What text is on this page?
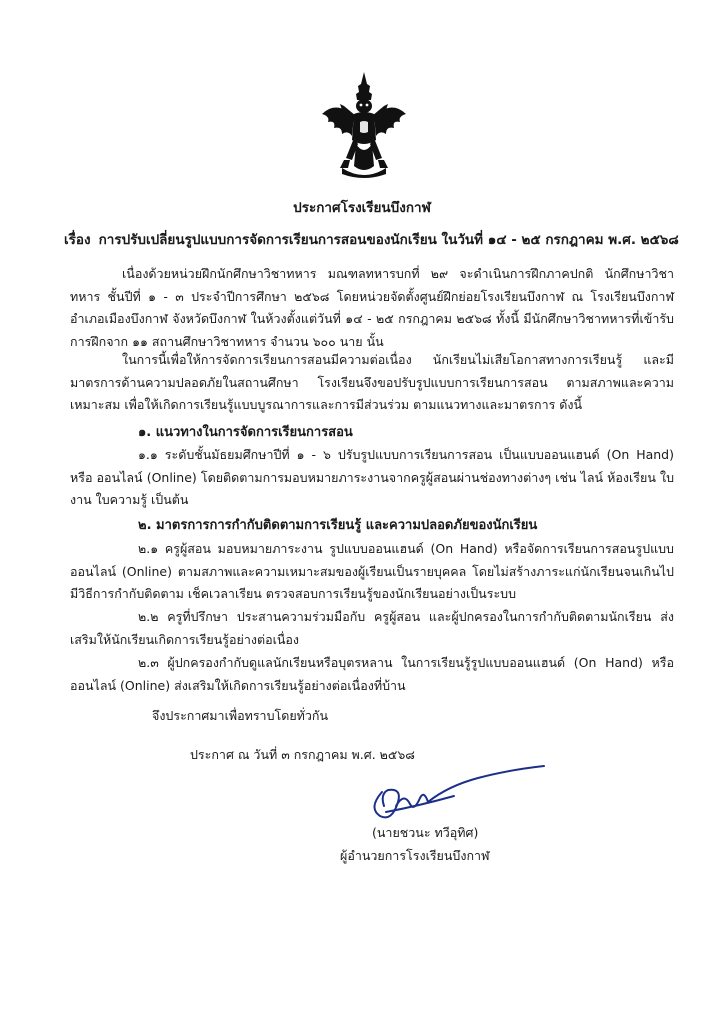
ประกาศโรงเรียนบึงกาฬ
เรื่อง การปรับเปลี่ยนรูปแบบการจัดการเรียนการสอนของนักเรียน ในวันที่ ๑๔ - ๒๕ กรกฎาคม พ.ศ. ๒๕๖๘
เนื่องด้วยหน่วยฝึกนักศึกษาวิชาทหาร มณฑลทหารบกที่ ๒๙ จะดำเนินการฝึกภาคปกติ นักศึกษาวิชาทหาร ชั้นปีที่ ๑ - ๓ ประจำปีการศึกษา ๒๕๖๘ โดยหน่วยจัดตั้งศูนย์ฝึกย่อยโรงเรียนบึงกาฬ ณ โรงเรียนบึงกาฬ อำเภอเมืองบึงกาฬ จังหวัดบึงกาฬ ในห้วงตั้งแต่วันที่ ๑๔ - ๒๕ กรกฎาคม ๒๕๖๘ ทั้งนี้ มีนักศึกษาวิชาทหารที่เข้ารับการฝึกจาก ๑๑ สถานศึกษาวิชาทหาร จำนวน ๖๐๐ นาย นั้น
ในการนี้เพื่อให้การจัดการเรียนการสอนมีความต่อเนื่อง นักเรียนไม่เสียโอกาสทางการเรียนรู้ และมีมาตรการด้านความปลอดภัยในสถานศึกษา โรงเรียนจึงขอปรับรูปแบบการเรียนการสอน ตามสภาพและความเหมาะสม เพื่อให้เกิดการเรียนรู้แบบบูรณาการและการมีส่วนร่วม ตามแนวทางและมาตรการ ดังนี้
๑. แนวทางในการจัดการเรียนการสอน
๑.๑ ระดับชั้นมัธยมศึกษาปีที่ ๑ - ๖ ปรับรูปแบบการเรียนการสอน เป็นแบบออนแฮนด์ (On Hand) หรือ ออนไลน์ (Online) โดยติดตามการมอบหมายภาระงานจากครูผู้สอนผ่านช่องทางต่างๆ เช่น ไลน์ ห้องเรียน ใบงาน ใบความรู้ เป็นต้น
๒. มาตรการการกำกับติดตามการเรียนรู้ และความปลอดภัยของนักเรียน
๒.๑ ครูผู้สอน มอบหมายภาระงาน รูปแบบออนแฮนด์ (On Hand) หรือจัดการเรียนการสอนรูปแบบ ออนไลน์ (Online) ตามสภาพและความเหมาะสมของผู้เรียนเป็นรายบุคคล โดยไม่สร้างภาระแก่นักเรียนจนเกินไป มีวิธีการกำกับติดตาม เช็คเวลาเรียน ตรวจสอบการเรียนรู้ของนักเรียนอย่างเป็นระบบ
๒.๒ ครูที่ปรึกษา ประสานความร่วมมือกับ ครูผู้สอน และผู้ปกครองในการกำกับติดตามนักเรียน ส่งเสริมให้นักเรียนเกิดการเรียนรู้อย่างต่อเนื่อง
๒.๓ ผู้ปกครองกำกับดูแลนักเรียนหรือบุตรหลาน ในการเรียนรู้รูปแบบออนแฮนด์ (On Hand) หรือ ออนไลน์ (Online) ส่งเสริมให้เกิดการเรียนรู้อย่างต่อเนื่องที่บ้าน
จึงประกาศมาเพื่อทราบโดยทั่วกัน
ประกาศ ณ วันที่ ๓ กรกฎาคม พ.ศ. ๒๕๖๘
(นายชวนะ ทวีอุทิศ)
ผู้อำนวยการโรงเรียนบึงกาฬ
